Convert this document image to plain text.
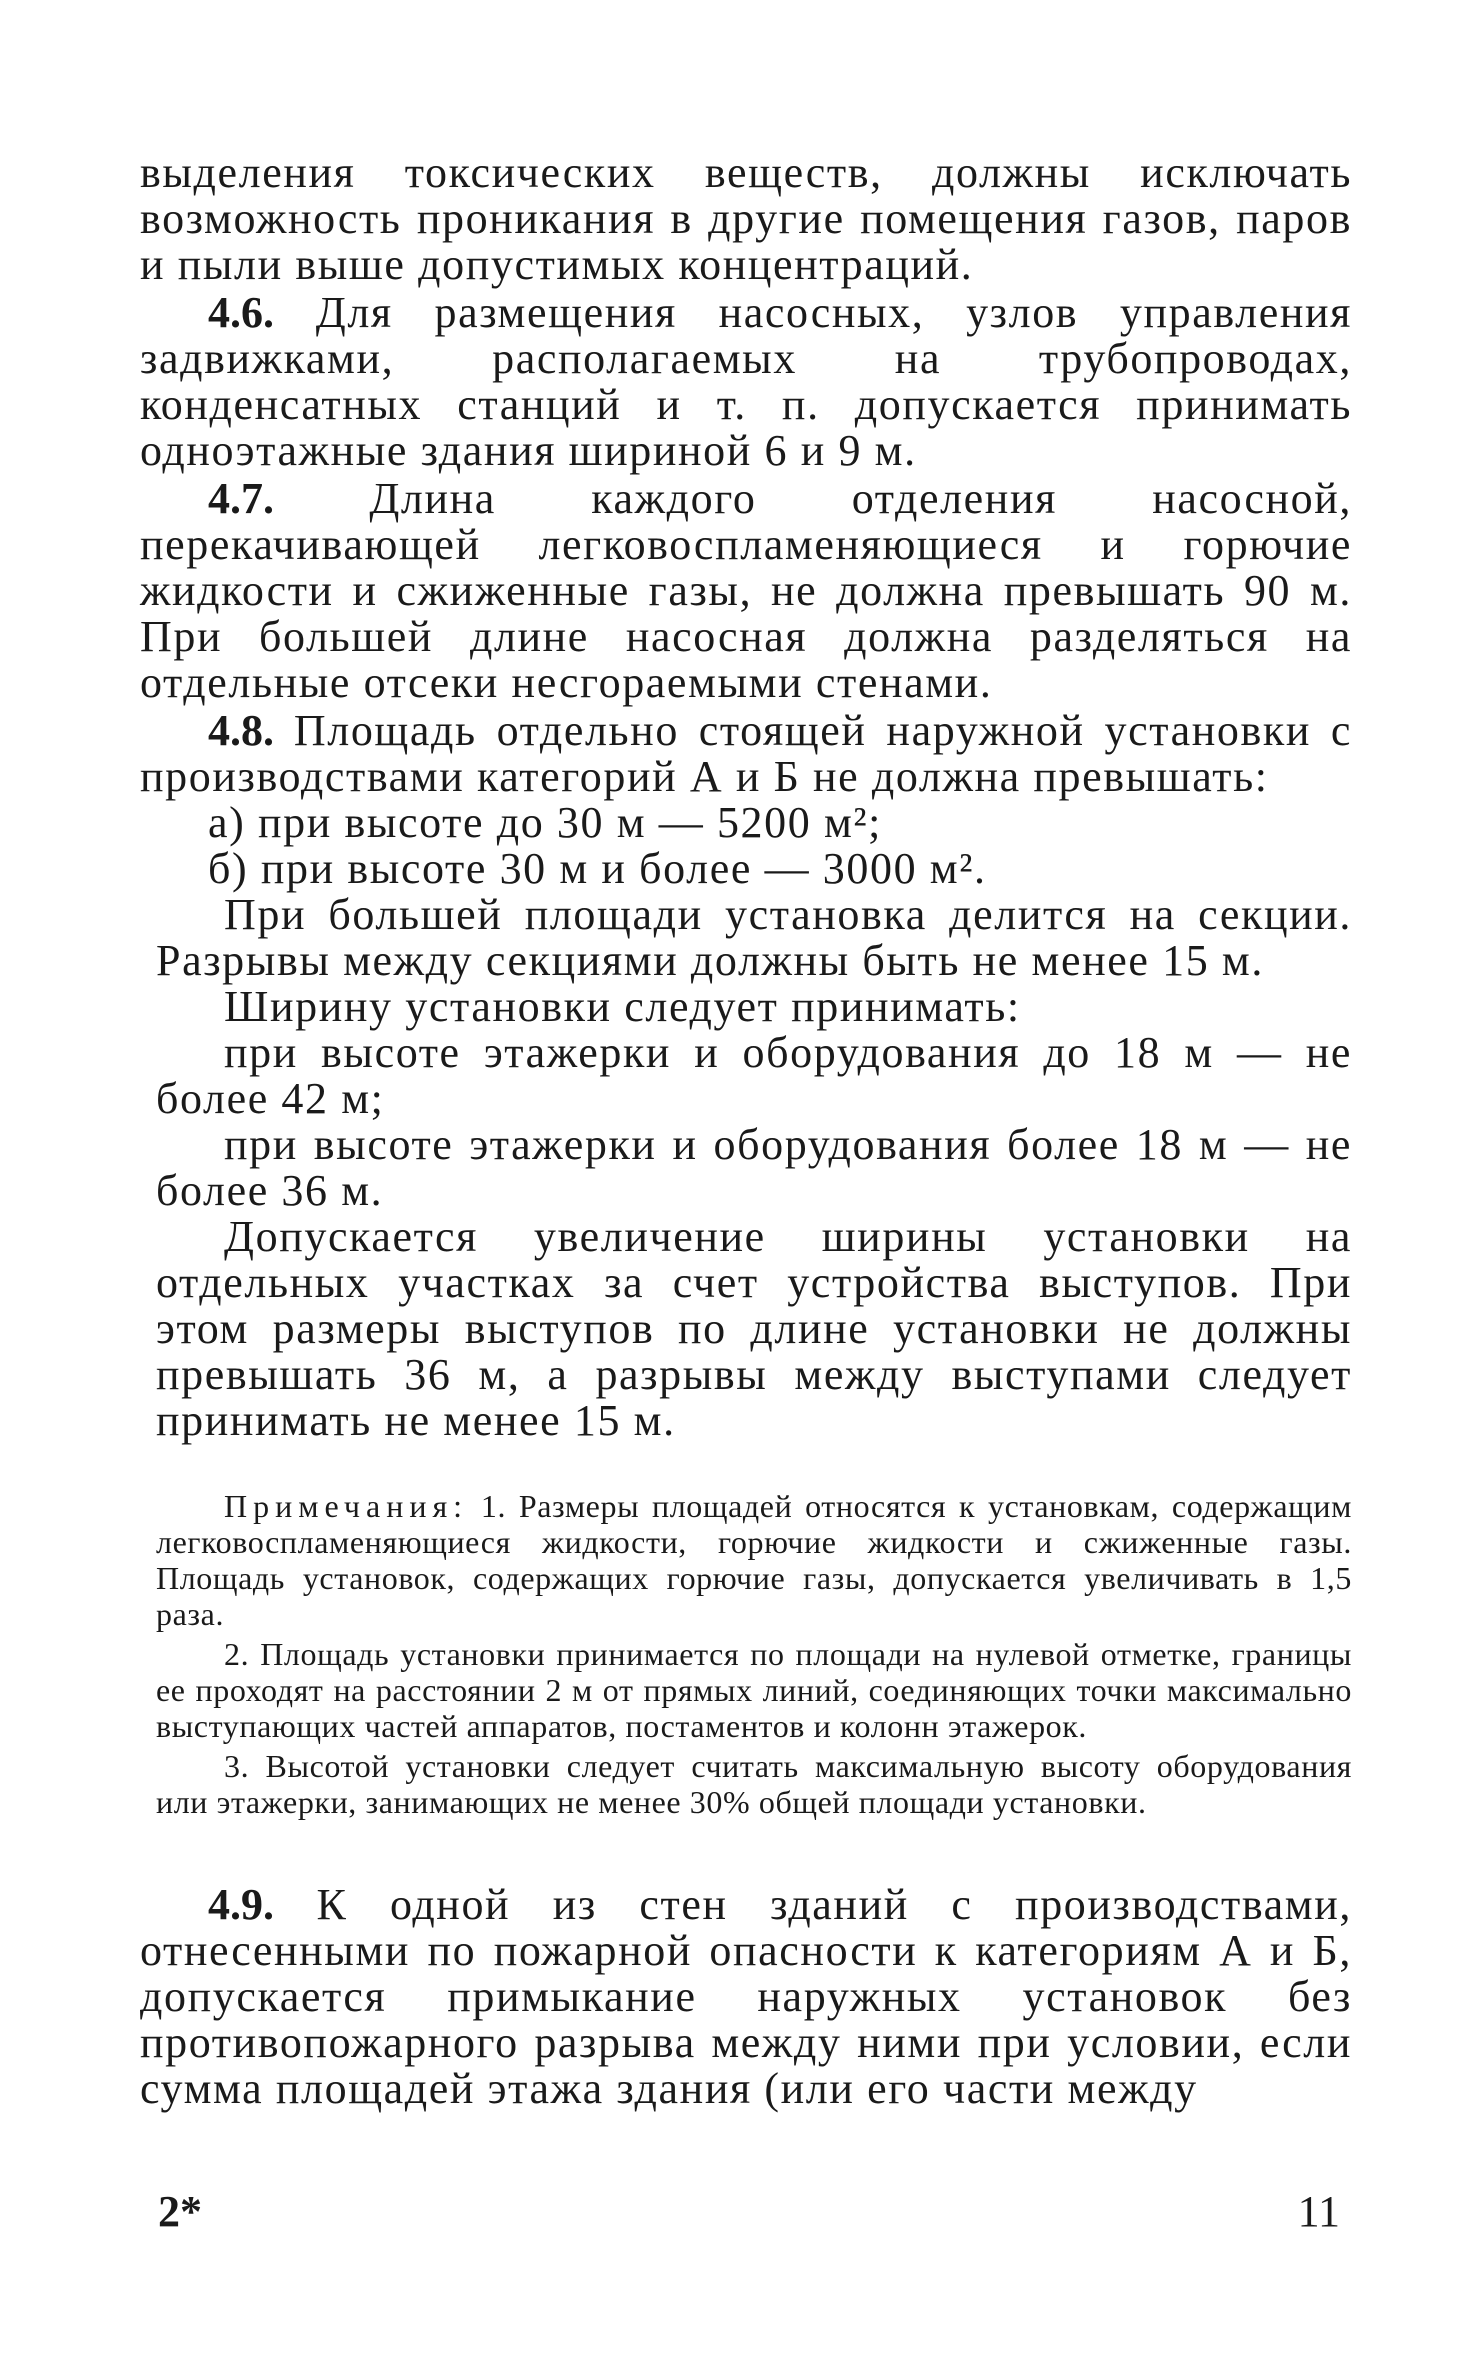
выделения токсических веществ, должны исключать возможность проникания в другие помещения газов, паров и пыли выше допустимых концентраций.

4.6. Для размещения насосных, узлов управления задвижками, располагаемых на трубопроводах, конденсатных станций и т. п. допускается принимать одноэтажные здания шириной 6 и 9 м.

4.7. Длина каждого отделения насосной, перекачивающей легковоспламеняющиеся и горючие жидкости и сжиженные газы, не должна превышать 90 м. При большей длине насосная должна разделяться на отдельные отсеки несгораемыми стенами.

4.8. Площадь отдельно стоящей наружной установки с производствами категорий А и Б не должна превышать:

а) при высоте до 30 м — 5200 м²;

б) при высоте 30 м и более — 3000 м².

При большей площади установка делится на секции. Разрывы между секциями должны быть не менее 15 м.

Ширину установки следует принимать:

при высоте этажерки и оборудования до 18 м — не более 42 м;

при высоте этажерки и оборудования более 18 м — не более 36 м.

Допускается увеличение ширины установки на отдельных участках за счет устройства выступов. При этом размеры выступов по длине установки не должны превышать 36 м, а разрывы между выступами следует принимать не менее 15 м.

Примечания: 1. Размеры площадей относятся к установкам, содержащим легковоспламеняющиеся жидкости, горючие жидкости и сжиженные газы. Площадь установок, содержащих горючие газы, допускается увеличивать в 1,5 раза.

2. Площадь установки принимается по площади на нулевой отметке, границы ее проходят на расстоянии 2 м от прямых линий, соединяющих точки максимально выступающих частей аппаратов, постаментов и колонн этажерок.

3. Высотой установки следует считать максимальную высоту оборудования или этажерки, занимающих не менее 30% общей площади установки.

4.9. К одной из стен зданий с производствами, отнесенными по пожарной опасности к категориям А и Б, допускается примыкание наружных установок без противопожарного разрыва между ними при условии, если сумма площадей этажа здания (или его части между

2*	11
